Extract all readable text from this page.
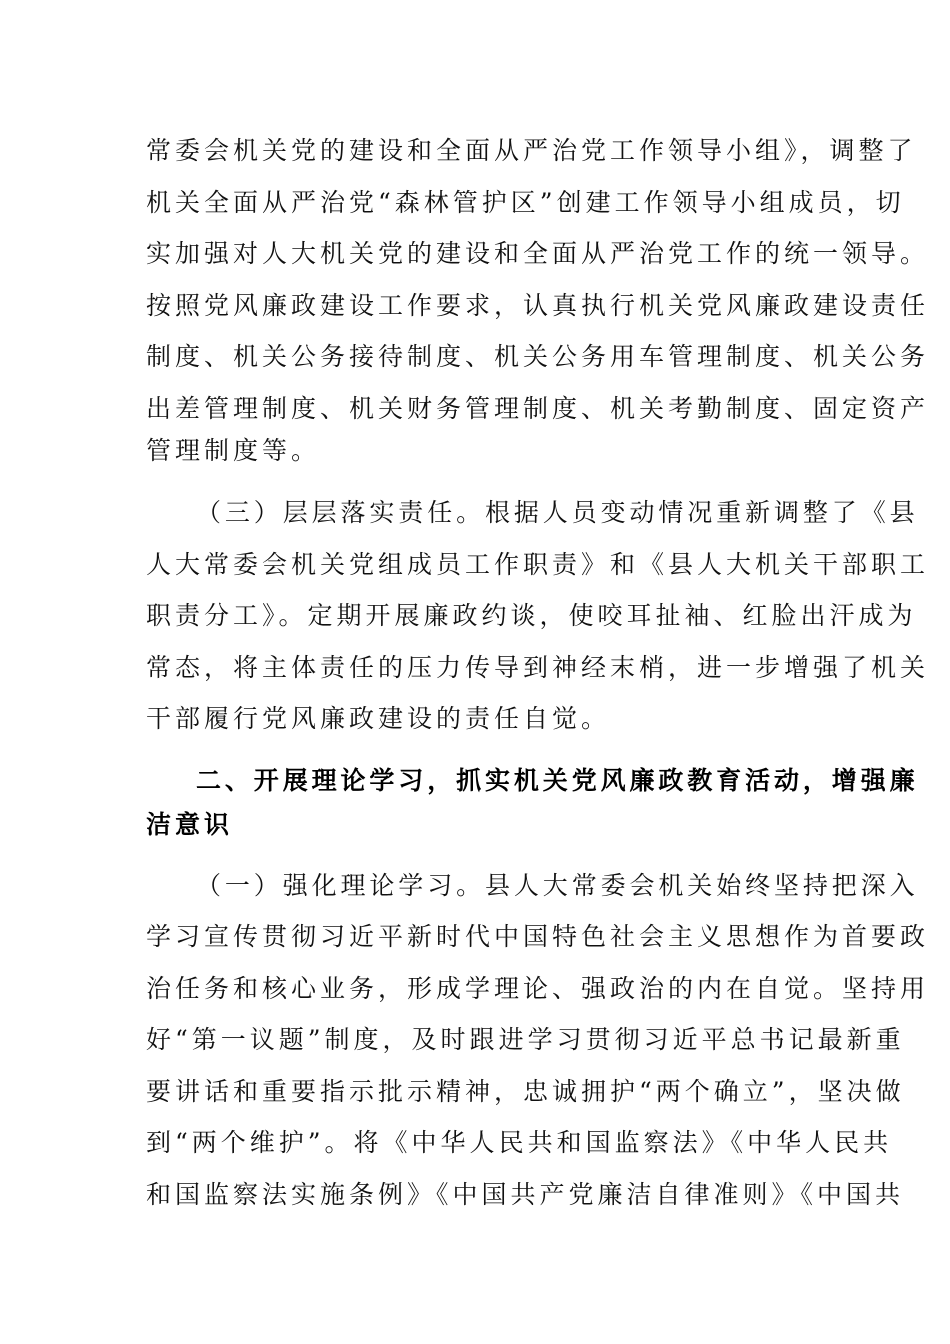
常委会机关党的建设和全面从严治党工作领导小组》，调整了
机关全面从严治党“森林管护区”创建工作领导小组成员，切
实加强对人大机关党的建设和全面从严治党工作的统一领导。
按照党风廉政建设工作要求，认真执行机关党风廉政建设责任
制度、机关公务接待制度、机关公务用车管理制度、机关公务
出差管理制度、机关财务管理制度、机关考勤制度、固定资产
管理制度等。
（三）层层落实责任。根据人员变动情况重新调整了《县
人大常委会机关党组成员工作职责》和《县人大机关干部职工
职责分工》。定期开展廉政约谈，使咬耳扯袖、红脸出汗成为
常态，将主体责任的压力传导到神经末梢，进一步增强了机关
干部履行党风廉政建设的责任自觉。
二、开展理论学习，抓实机关党风廉政教育活动，增强廉
洁意识
（一）强化理论学习。县人大常委会机关始终坚持把深入
学习宣传贯彻习近平新时代中国特色社会主义思想作为首要政
治任务和核心业务，形成学理论、强政治的内在自觉。坚持用
好“第一议题”制度，及时跟进学习贯彻习近平总书记最新重
要讲话和重要指示批示精神，忠诚拥护“两个确立”，坚决做
到“两个维护”。将《中华人民共和国监察法》《中华人民共
和国监察法实施条例》《中国共产党廉洁自律准则》《中国共
